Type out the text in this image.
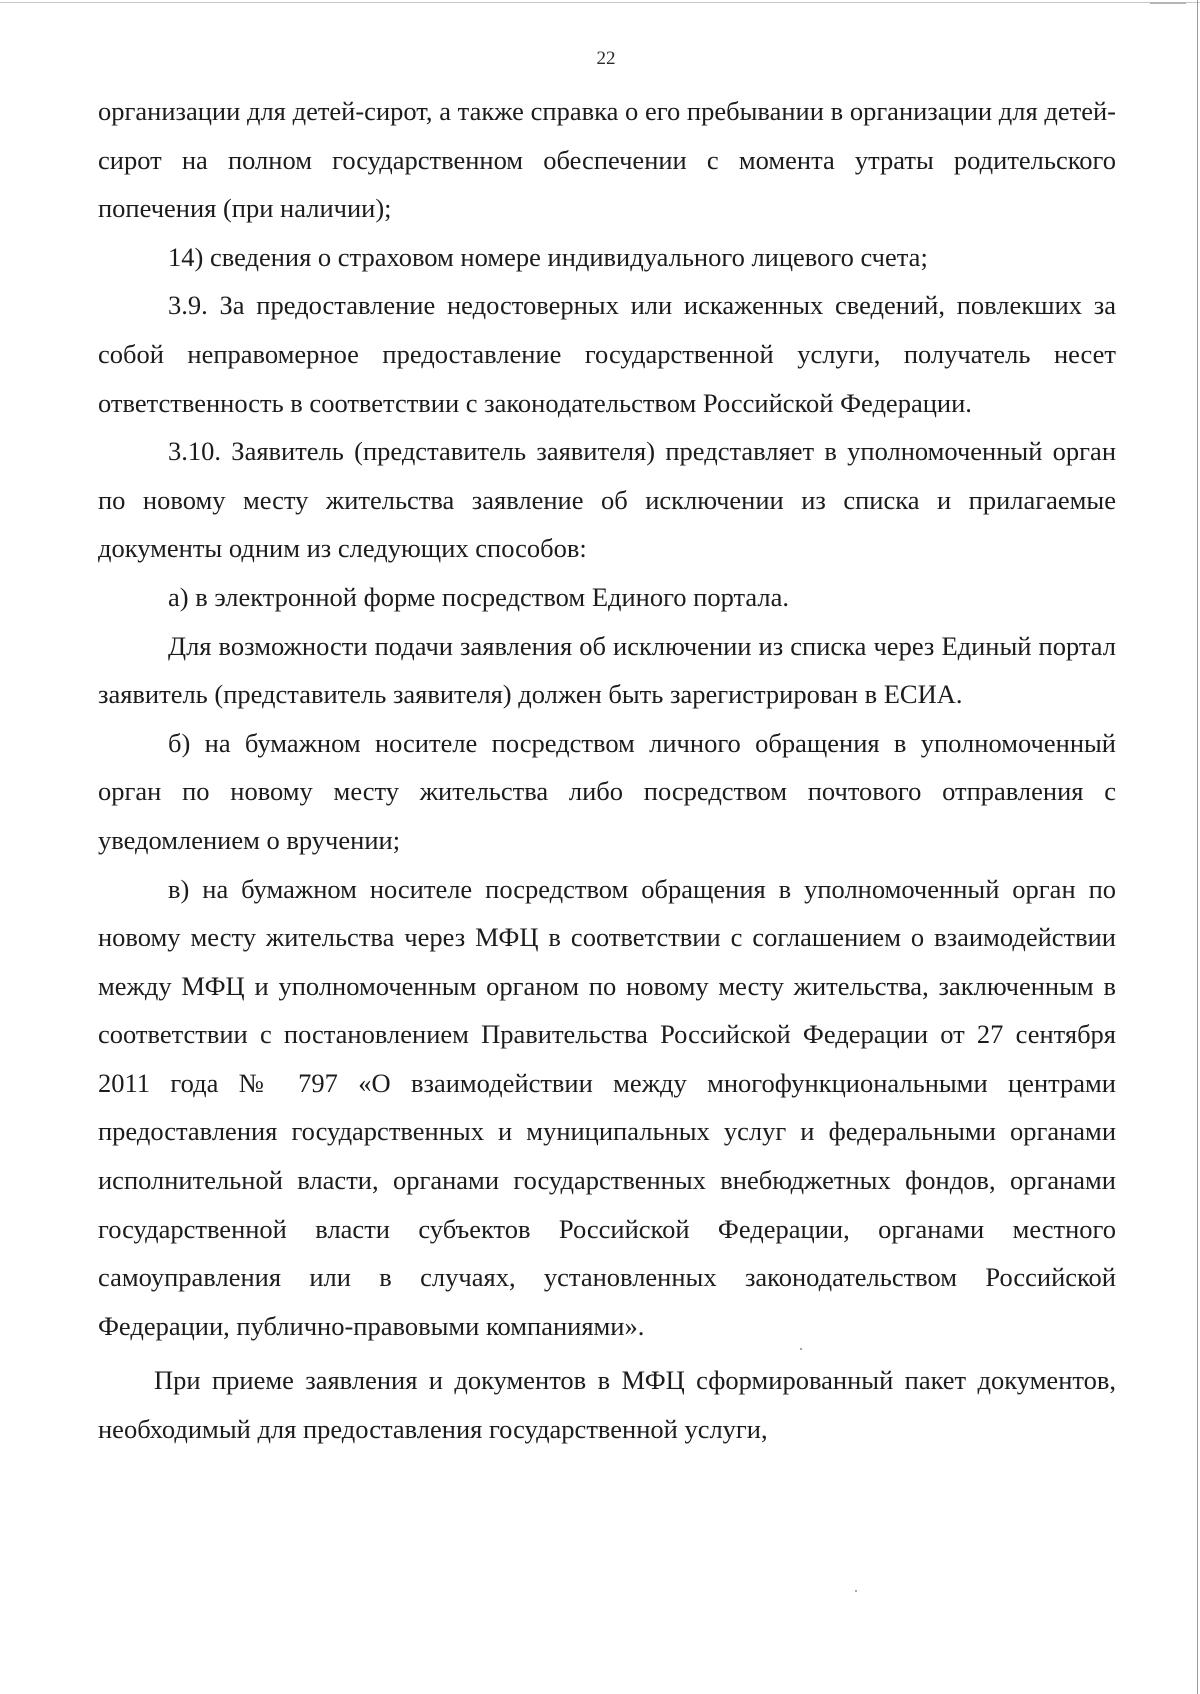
22

организации для детей-сирот, а также справка о его пребывании в организации для детей-сирот на полном государственном обеспечении с момента утраты родительского попечения (при наличии);

14) сведения о страховом номере индивидуального лицевого счета;

3.9. За предоставление недостоверных или искаженных сведений, повлекших за собой неправомерное предоставление государственной услуги, получатель несет ответственность в соответствии с законодательством Российской Федерации.

3.10. Заявитель (представитель заявителя) представляет в уполномоченный орган по новому месту жительства заявление об исключении из списка и прилагаемые документы одним из следующих способов:

а) в электронной форме посредством Единого портала.

Для возможности подачи заявления об исключении из списка через Единый портал заявитель (представитель заявителя) должен быть зарегистрирован в ЕСИА.

б) на бумажном носителе посредством личного обращения в уполномоченный орган по новому месту жительства либо посредством почтового отправления с уведомлением о вручении;

в) на бумажном носителе посредством обращения в уполномоченный орган по новому месту жительства через МФЦ в соответствии с соглашением о взаимодействии между МФЦ и уполномоченным органом по новому месту жительства, заключенным в соответствии с постановлением Правительства Российской Федерации от 27 сентября 2011 года № 797 «О взаимодействии между многофункциональными центрами предоставления государственных и муниципальных услуг и федеральными органами исполнительной власти, органами государственных внебюджетных фондов, органами государственной власти субъектов Российской Федерации, органами местного самоуправления или в случаях, установленных законодательством Российской Федерации, публично-правовыми компаниями».

При приеме заявления и документов в МФЦ сформированный пакет документов, необходимый для предоставления государственной услуги,
